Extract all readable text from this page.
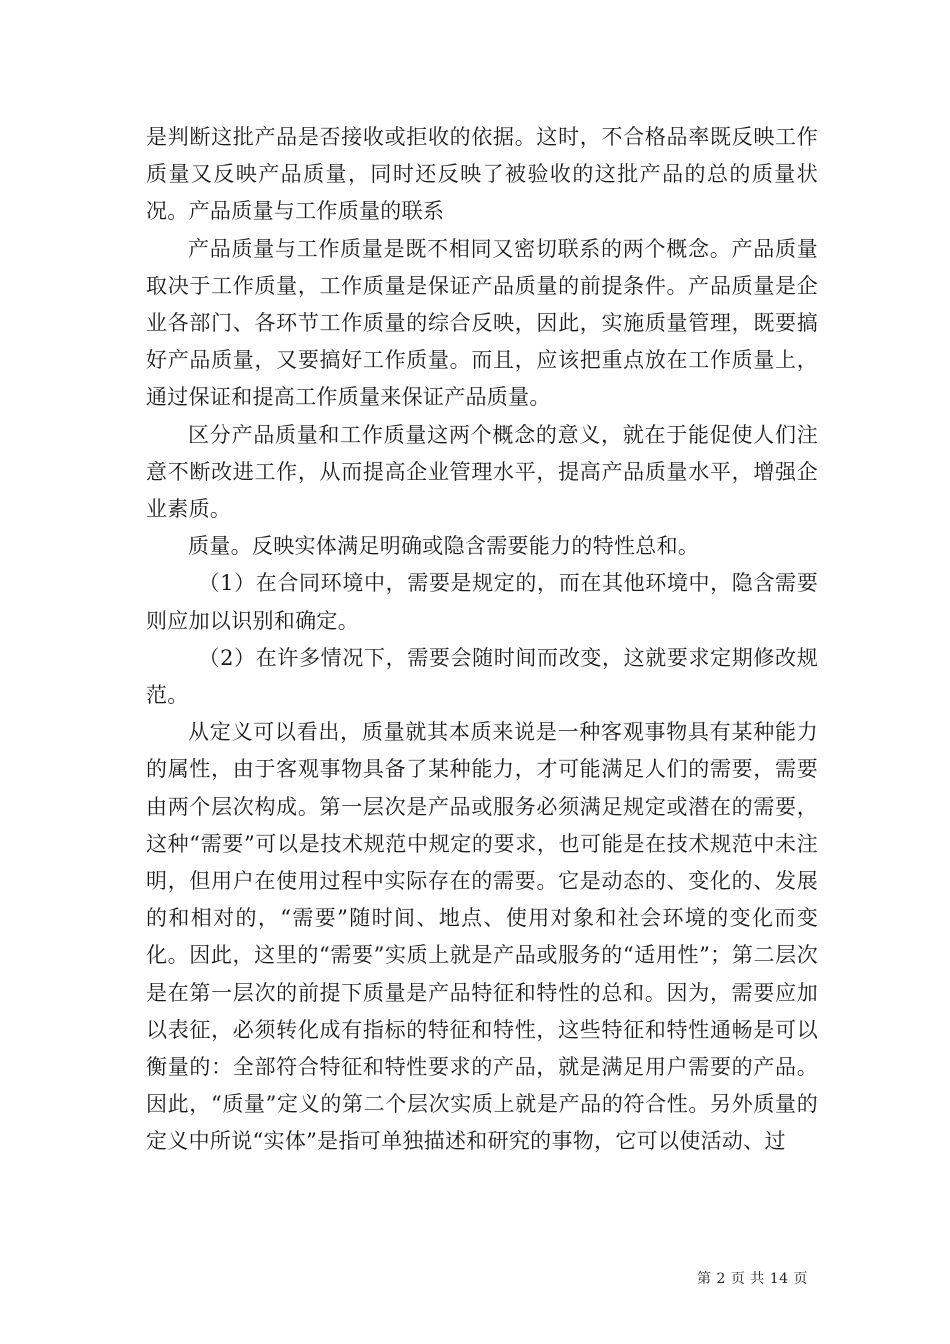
是判断这批产品是否接收或拒收的依据。这时，不合格品率既反映工作质量又反映产品质量，同时还反映了被验收的这批产品的总的质量状况。产品质量与工作质量的联系

产品质量与工作质量是既不相同又密切联系的两个概念。产品质量取决于工作质量，工作质量是保证产品质量的前提条件。产品质量是企业各部门、各环节工作质量的综合反映，因此，实施质量管理，既要搞好产品质量，又要搞好工作质量。而且，应该把重点放在工作质量上，通过保证和提高工作质量来保证产品质量。

区分产品质量和工作质量这两个概念的意义，就在于能促使人们注意不断改进工作，从而提高企业管理水平，提高产品质量水平，增强企业素质。

质量。反映实体满足明确或隐含需要能力的特性总和。

（1）在合同环境中，需要是规定的，而在其他环境中，隐含需要则应加以识别和确定。

（2）在许多情况下，需要会随时间而改变，这就要求定期修改规范。

从定义可以看出，质量就其本质来说是一种客观事物具有某种能力的属性，由于客观事物具备了某种能力，才可能满足人们的需要，需要由两个层次构成。第一层次是产品或服务必须满足规定或潜在的需要，这种“需要”可以是技术规范中规定的要求，也可能是在技术规范中未注明，但用户在使用过程中实际存在的需要。它是动态的、变化的、发展的和相对的，“需要”随时间、地点、使用对象和社会环境的变化而变化。因此，这里的“需要”实质上就是产品或服务的“适用性”；第二层次是在第一层次的前提下质量是产品特征和特性的总和。因为，需要应加以表征，必须转化成有指标的特征和特性，这些特征和特性通畅是可以衡量的：全部符合特征和特性要求的产品，就是满足用户需要的产品。因此，“质量”定义的第二个层次实质上就是产品的符合性。另外质量的定义中所说“实体”是指可单独描述和研究的事物，它可以使活动、过

第 2 页 共 14 页
